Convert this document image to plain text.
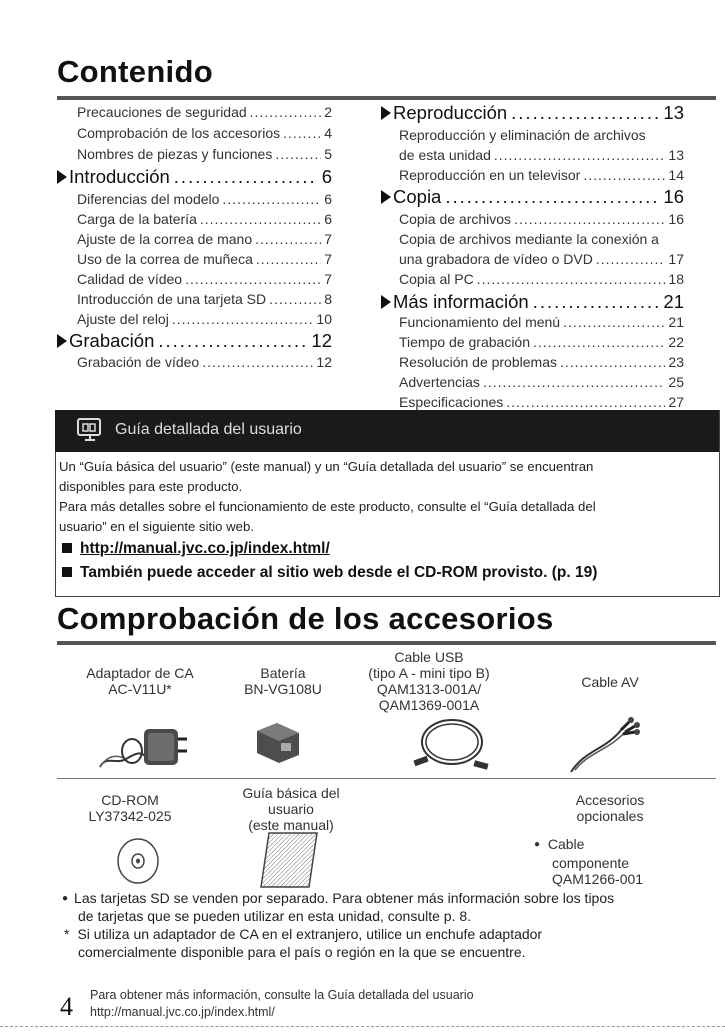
Contenido
Precauciones de seguridad .....	2
Comprobación de los accesorios .....	4
Nombres de piezas y funciones .....	5
Introducción .....	6
Diferencias del modelo .....	6
Carga de la batería .....	6
Ajuste de la correa de mano .....	7
Uso de la correa de muñeca .....	7
Calidad de vídeo .....	7
Introducción de una tarjeta SD .....	8
Ajuste del reloj .....	10
Grabación .....	12
Grabación de vídeo .....	12
Reproducción .....	13
Reproducción y eliminación de archivos
de esta unidad .....	13
Reproducción en un televisor .....	14
Copia .....	16
Copia de archivos .....	16
Copia de archivos mediante la conexión a
una grabadora de vídeo o DVD .....	17
Copia al PC .....	18
Más información .....	21
Funcionamiento del menú .....	21
Tiempo de grabación .....	22
Resolución de problemas .....	23
Advertencias .....	25
Especificaciones .....	27
Guía detallada del usuario
Un “Guía básica del usuario” (este manual) y un “Guía detallada del usuario” se encuentran
disponibles para este producto.
Para más detalles sobre el funcionamiento de este producto, consulte el “Guía detallada del
usuario” en el siguiente sitio web.
http://manual.jvc.co.jp/index.html/
También puede acceder al sitio web desde el CD-ROM provisto. (p. 19)
Comprobación de los accesorios
Adaptador de CA
AC-V11U*
Batería
BN-VG108U
Cable USB
(tipo A - mini tipo B)
QAM1313-001A/
QAM1369-001A
Cable AV
CD-ROM
LY37342-025
Guía básica del
usuario
(este manual)
Accesorios
opcionales
● Cable
componente
QAM1266-001
● Las tarjetas SD se venden por separado. Para obtener más información sobre los tipos
de tarjetas que se pueden utilizar en esta unidad, consulte p. 8.
* Si utiliza un adaptador de CA en el extranjero, utilice un enchufe adaptador
comercialmente disponible para el país o región en la que se encuentre.
4 Para obtener más información, consulte la Guía detallada del usuario
http://manual.jvc.co.jp/index.html/
